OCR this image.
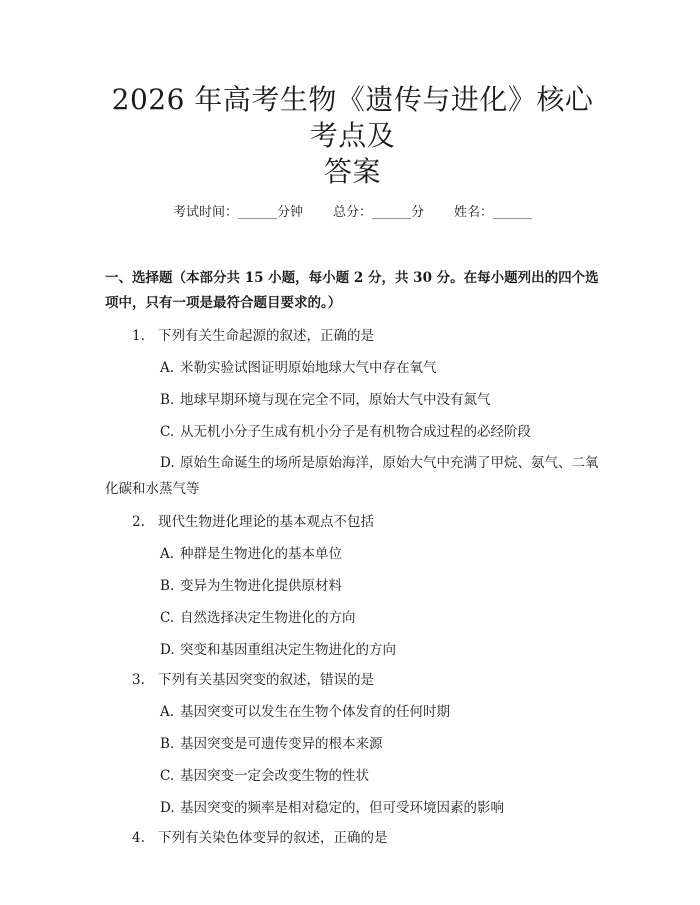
2026 年高考生物《遗传与进化》核心考点及
答案
考试时间：______分钟 总分：______分 姓名：______
一、选择题（本部分共 15 小题，每小题 2 分，共 30 分。在每小题列出的四个选项中，只有一项是最符合题目要求的。）
1. 下列有关生命起源的叙述，正确的是
A. 米勒实验试图证明原始地球大气中存在氧气
B. 地球早期环境与现在完全不同，原始大气中没有氮气
C. 从无机小分子生成有机小分子是有机物合成过程的必经阶段
D. 原始生命诞生的场所是原始海洋，原始大气中充满了甲烷、氨气、二氧化碳和水蒸气等
2. 现代生物进化理论的基本观点不包括
A. 种群是生物进化的基本单位
B. 变异为生物进化提供原材料
C. 自然选择决定生物进化的方向
D. 突变和基因重组决定生物进化的方向
3. 下列有关基因突变的叙述，错误的是
A. 基因突变可以发生在生物个体发育的任何时期
B. 基因突变是可遗传变异的根本来源
C. 基因突变一定会改变生物的性状
D. 基因突变的频率是相对稳定的，但可受环境因素的影响
4. 下列有关染色体变异的叙述，正确的是
